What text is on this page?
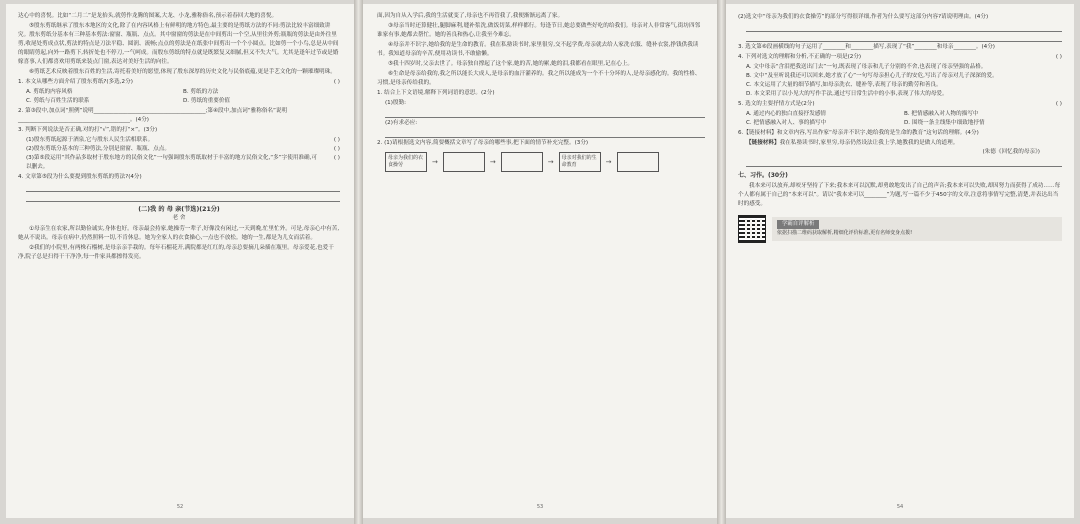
达心中的喜悦。比如“二月二”是龙抬头,就剪作龙腾的图案,大龙、小龙,雅称俗名,预示着春回大地的喜悦。

⑤殷东剪纸继承了殷东本地区的文化,除了在内容风格上有鲜明的地方特色,最主要的是剪纸方法的不同:剪法比较丰富细致讲究。殷东剪纸分基本有三种基本剪法:窗窗、瓶瓶、点点。其中窗窗的剪法是在中间剪出一个空,从里往外剪;瓶瓶的剪法是由外往里剪,收尾处剪成点状,剪法的特点是刀法平稳、圆润、流畅;点点的剪法是在纸张中间剪出一个个小圆点。比如剪一个小鸟,总是从中间的眼睛剪起,向外一路剪下,转折处也不停刀,一气呵成。而殷东剪纸的特点就是既繁复又细腻,但又不失大气。尤其是逢年过节或是婚嫁喜事,人们都喜欢用剪纸来装点门窗,表达对美好生活的向往。

⑥剪纸艺术反映着殷东百姓的生活,寄托着美好的愿望,体现了殷东深厚的历史文化与民俗底蕴,更是手艺文化的一颗璀璨明珠。

1. 本文从哪些方面介绍了殷东剪纸?(多选,2分)	( )
A. 剪纸的内容风格	B. 剪纸的方法
C. 剪纸与百姓生活的联系	D. 剪纸的重要价值
2. 第③段中,加点词“照例”说明________________________________________;第④段中,加点词“雅称俗名”说明________________________________________。(4分)
3. 判断下列说法是否正确,对的打“√”,错的打“×”。(3分)
(1)殷东剪纸起源于酒泉,它与殷东人民生活相联系。	( )
(2)殷东剪纸分基本的三种剪法,分别是窗窗、瓶瓶、点点。	( )
(3)第⑤段运用“其作品多取材于殷东地方的民俗文化”一句强调殷东剪纸取材于丰富的地方民俗文化,“多”字使用准确,可以删去。
( )
4. 文章第⑤段为什么要提到殷东剪纸的剪法?(4分)
(二)我 的 母 亲(节选)(21分)
老 舍

①母亲生在农家,所以勤俭诚实,身体也好。母亲最会持家,她操劳一辈子,好像没有闲过,一天到晚,忙里忙外。可是,母亲心中有苦,她从不说出。母亲在病中,仍然照料一切,不肯休息。她为全家人的衣食操心,一点也不放松。她的一生,都是为儿女而活着。

②我们的小院里,有两株石榴树,是母亲亲手栽的。每年石榴花开,满院都是红红的,母亲总要摘几朵插在瓶里。母亲爱花,也爱干净,院子总是扫得干干净净,每一件家具都擦得发亮。

52

面,因为自从入学后,我的生活就变了,母亲也不再管我了,我便渐渐远离了家。

③母亲当时还算健壮,腿脚麻利,缝补浆洗,做饭切菜,样样都行。每逢节日,她总要做些好吃的给我们。母亲对人非常客气,街坊四邻谁家有事,她都去帮忙。她的善良和热心,让我至今难忘。

④母亲并不识字,她给我的是生命的教育。我在私塾读书时,家里很穷,交不起学费,母亲就去给人家洗衣服、缝补衣裳,挣钱供我读书。我知道母亲的辛苦,便用功读书,不敢偷懒。

⑤我十四岁时,父亲去世了。母亲独自撑起了这个家,她的苦,她的累,她的泪,我都看在眼里,记在心上。

⑥生命是母亲给我的,我之所以能长大成人,是母亲的血汗灌养的。我之所以能成为一个不十分坏的人,是母亲感化的。我的性格、习惯,是母亲传给我的。

1. 结合上下文语境,解释下列词语的意思。(2分)
(1)殷勤:
(2)有求必应:
2. (1)请根据选文内容,简要概括文章写了母亲的哪些事,把下面的情节补充完整。(3分)
母亲为我们的衣食操劳	→	→	→	母亲对我们的生命教育	→
53
(2)选文中“母亲为我们的衣食操劳”的部分写得很详细,作者为什么要写这部分内容?请说明理由。(4分)
3. 选文第⑥段画横线的句子运用了________和________描写,表现了“我”________和母亲________。(4分)
4. 下列对选文的理解和分析,不正确的一项是(2分)	( )
A. 文中母亲“含泪把我送出门去”一句,既表现了母亲和儿子分别的不舍,也表现了母亲坚强的品格。
B. 文中“及至听说我还可以回来,她才放了心”一句写母亲担心儿子的安危,写出了母亲对儿子深深的爱。
C. 本文运用了大量的细节描写,如母亲洗衣、缝补等,表现了母亲的勤劳和善良。
D. 本文采用了以小见大的写作手法,通过写日常生活中的小事,表现了伟大的母爱。
5. 选文的主要抒情方式是(2分)	( )
A. 通过内心的独白直接抒发感情	B. 把情感融入对人物的描写中
C. 把情感融入对人、事的描写中	D. 围绕一条主线集中细致地抒情
6.【链接材料】和文章内容,写出作家“母亲并不识字,她给我的是生命的教育”这句话的理解。(4分)
【链接材料】我在私塾读书时,家里穷,母亲仍然设法让我上学,她教我的是做人的道理。
(朱德《回忆我的母亲》)
七、习作。(30分)

我本来可以放弃,却咬牙坚持了下来;我本来可以沉默,却勇敢地发出了自己的声音;我本来可以失败,却因努力而获得了成功……每个人都有属于自己的“本来可以”。请以“我本来可以________”为题,写一篇不少于450字的文章,注意将事情写完整,清楚,并表达出当时的感受。

学霸自评解析
依据扫描二维码获取解析,精细化评价标准,更有名师变身点拨!
54
